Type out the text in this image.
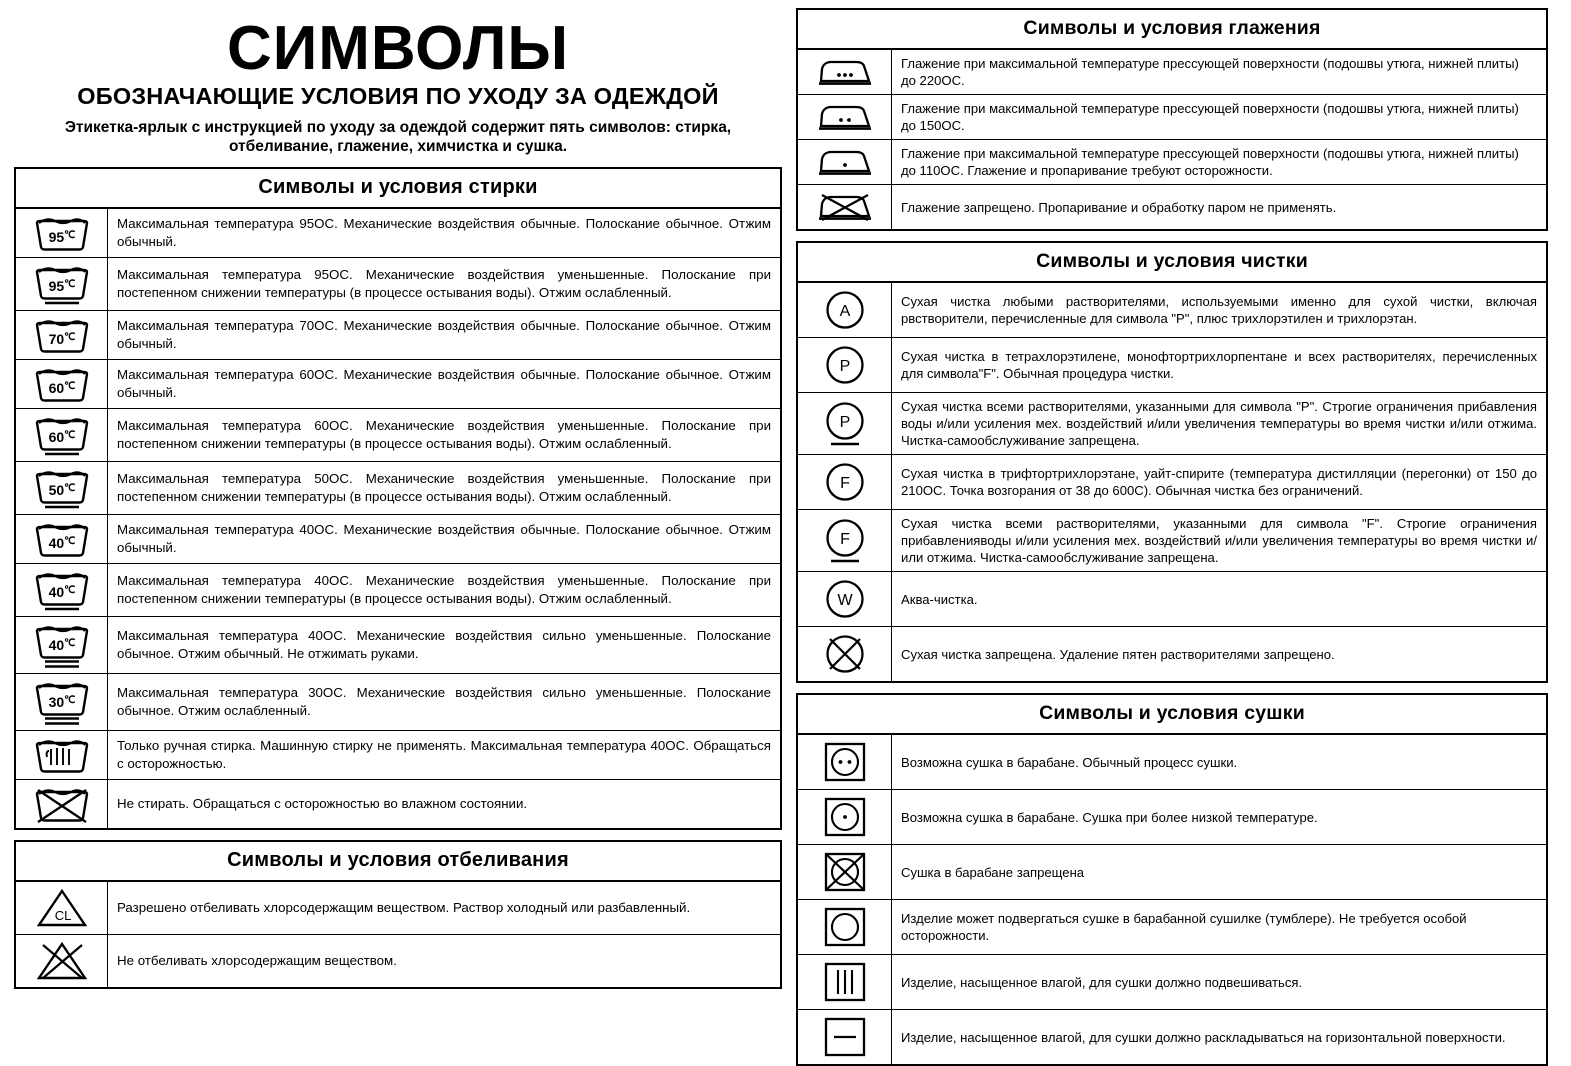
СИМВОЛЫ
ОБОЗНАЧАЮЩИЕ УСЛОВИЯ ПО УХОДУ ЗА ОДЕЖДОЙ
Этикетка-ярлык с инструкцией по уходу за одеждой содержит пять символов: стирка, отбеливание, глажение, химчистка и сушка.
Символы и условия стирки
95℃
Максимальная температура 95ОС. Механические воздействия обычные. Полоскание обычное. Отжим обычный.
95℃
Максимальная температура 95ОС. Механические воздействия уменьшенные. Полоскание при постепенном снижении температуры (в процессе остывания воды). Отжим ослабленный.
70℃
Максимальная температура 70ОС. Механические воздействия обычные. Полоскание обычное. Отжим обычный.
60℃
Максимальная температура 60ОС. Механические воздействия обычные. Полоскание обычное. Отжим обычный.
60℃
Максимальная температура 60ОС. Механические воздействия уменьшенные. Полоскание при постепенном снижении температуры (в процессе остывания воды). Отжим ослабленный.
50℃
Максимальная температура 50ОС. Механические воздействия уменьшенные. Полоскание при постепенном снижении температуры (в процессе остывания воды). Отжим ослабленный.
40℃
Максимальная температура 40ОС. Механические воздействия обычные. Полоскание обычное. Отжим обычный.
40℃
Максимальная температура 40ОС. Механические воздействия уменьшенные. Полоскание при постепенном снижении температуры (в процессе остывания воды). Отжим ослабленный.
40℃	Максимальная температура 40ОС. Механические воздействия сильно уменьшенные. Полоскание обычное. Отжим обычный. Не отжимать руками.
30℃	Максимальная температура 30ОС. Механические воздействия сильно уменьшенные. Полоскание обычное. Отжим ослабленный.
Только ручная стирка. Машинную стирку не применять. Максимальная температура 40ОС. Обращаться с осторожностью.
Не стирать. Обращаться с осторожностью во влажном состоянии.
Символы и условия отбеливания
CL
Разрешено отбеливать хлорсодержащим веществом. Раствор холодный или разбавленный.
Не отбеливать хлорсодержащим веществом.
Символы и условия глажения
Глажение при максимальной температуре прессующей поверхности (подошвы утюга, нижней плиты) до 220ОС.
Глажение при максимальной температуре прессующей поверхности (подошвы утюга, нижней плиты) до 150ОС.
Глажение при максимальной температуре прессующей поверхности (подошвы утюга, нижней плиты) до 110ОС. Глажение и пропаривание требуют осторожности.
Глажение запрещено. Пропаривание и обработку паром не применять.
Символы и условия чистки
A
Сухая чистка любыми растворителями, используемыми именно для сухой чистки, включая рвстворители, перечисленные для символа "Р", плюс трихлорэтилен и трихлорэтан.
P
Сухая чистка в тетрахлорэтилене, монофтортрихлорпентане и всех растворителях, перечисленных для символа"F". Обычная процедура чистки.
P
Сухая чистка всеми растворителями, указанными для символа "Р". Строгие ограничения прибавления воды и/или усиления мех. воздействий и/или увеличения температуры во время чистки и/или отжима. Чистка-самообслуживание запрещена.
F
Сухая чистка в трифтортрихлорэтане, уайт-спирите (температура дистилляции (перегонки) от 150 до 210ОС. Точка возгорания от 38 до 600С). Обычная чистка без ограничений.
F
Сухая чистка всеми растворителями, указанными для символа "F". Строгие ограничения прибавленияводы и/или усиления мех. воздействий и/или увеличения температуры во время чистки и/или отжима. Чистка-самообслуживание запрещена.
W	Аква-чистка.
Сухая чистка запрещена. Удаление пятен растворителями запрещено.
Символы и условия сушки
Возможна сушка в барабане. Обычный процесс сушки.
Возможна сушка в барабане. Сушка при более низкой температуре.
Сушка в барабане запрещена
Изделие может подвергаться сушке в барабанной сушилке (тумблере). Не требуется особой осторожности.
Изделие, насыщенное влагой, для сушки должно подвешиваться.
Изделие, насыщенное влагой, для сушки должно раскладываться на горизонтальной поверхности.
